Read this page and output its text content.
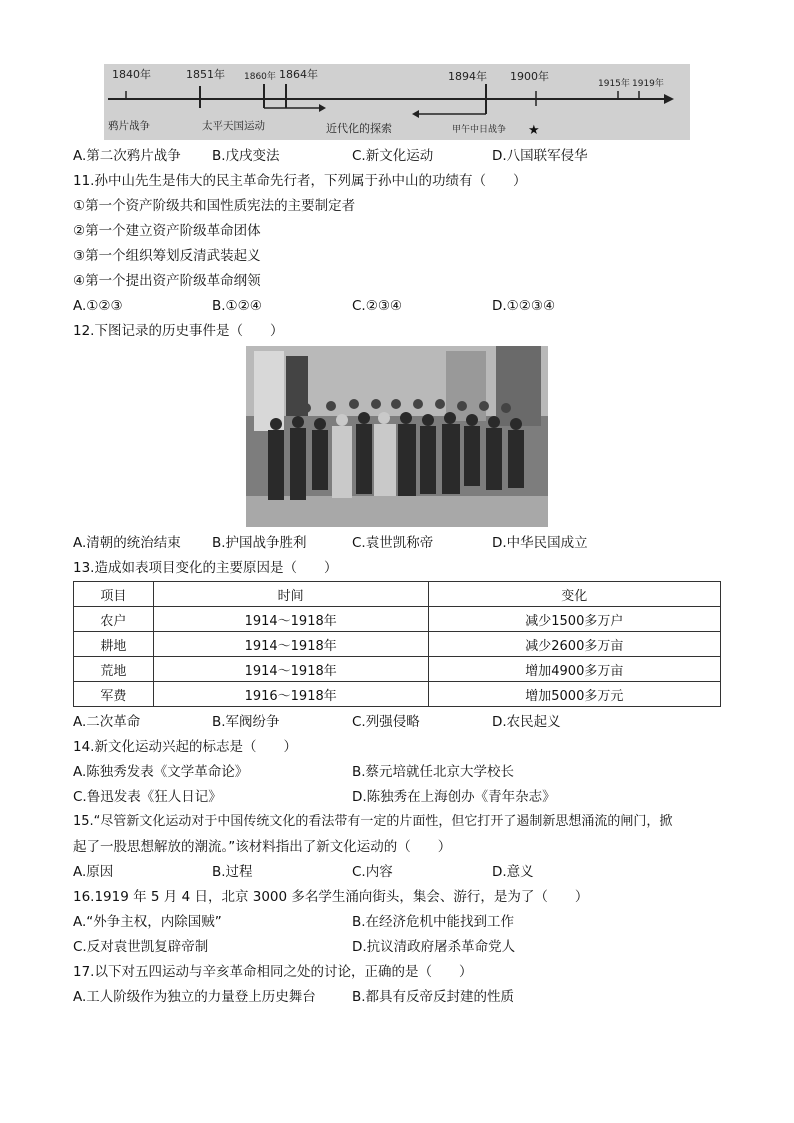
1840年	1851年 1860年 1864年	1894年 1900年
1915年 1919年
鸦片战争	太平天国运动	近代化的探索	甲午中日战争 ★
A.第二次鸦片战争 B.戊戌变法	C.新文化运动	D.八国联军侵华
11.孙中山先生是伟大的民主革命先行者，下列属于孙中山的功绩有（　　）
①第一个资产阶级共和国性质宪法的主要制定者
②第一个建立资产阶级革命团体
③第一个组织筹划反清武装起义
④第一个提出资产阶级革命纲领
A.①②③	B.①②④	C.②③④	D.①②③④
12.下图记录的历史事件是（　　）
A.清朝的统治结束 B.护国战争胜利	C.袁世凯称帝	D.中华民国成立
13.造成如表项目变化的主要原因是（　　）
项目	时间	变化
农户	1914～1918年	减少1500多万户
耕地	1914～1918年	减少2600多万亩
荒地	1914～1918年	增加4900多万亩
军费	1916～1918年	增加5000多万元
A.二次革命	B.军阀纷争	C.列强侵略	D.农民起义
14.新文化运动兴起的标志是（　　）
A.陈独秀发表《文学革命论》	B.蔡元培就任北京大学校长
C.鲁迅发表《狂人日记》	D.陈独秀在上海创办《青年杂志》
15.“尽管新文化运动对于中国传统文化的看法带有一定的片面性，但它打开了遏制新思想涌流的闸门，掀
起了一股思想解放的潮流。”该材料指出了新文化运动的（　　）
A.原因	B.过程	C.内容	D.意义
16.1919 年 5 月 4 日，北京 3000 多名学生涌向街头，集会、游行，是为了（　　）
A.“外争主权，内除国贼”	B.在经济危机中能找到工作
C.反对袁世凯复辟帝制	D.抗议清政府屠杀革命党人
17.以下对五四运动与辛亥革命相同之处的讨论，正确的是（　　）
A.工人阶级作为独立的力量登上历史舞台	B.都具有反帝反封建的性质
